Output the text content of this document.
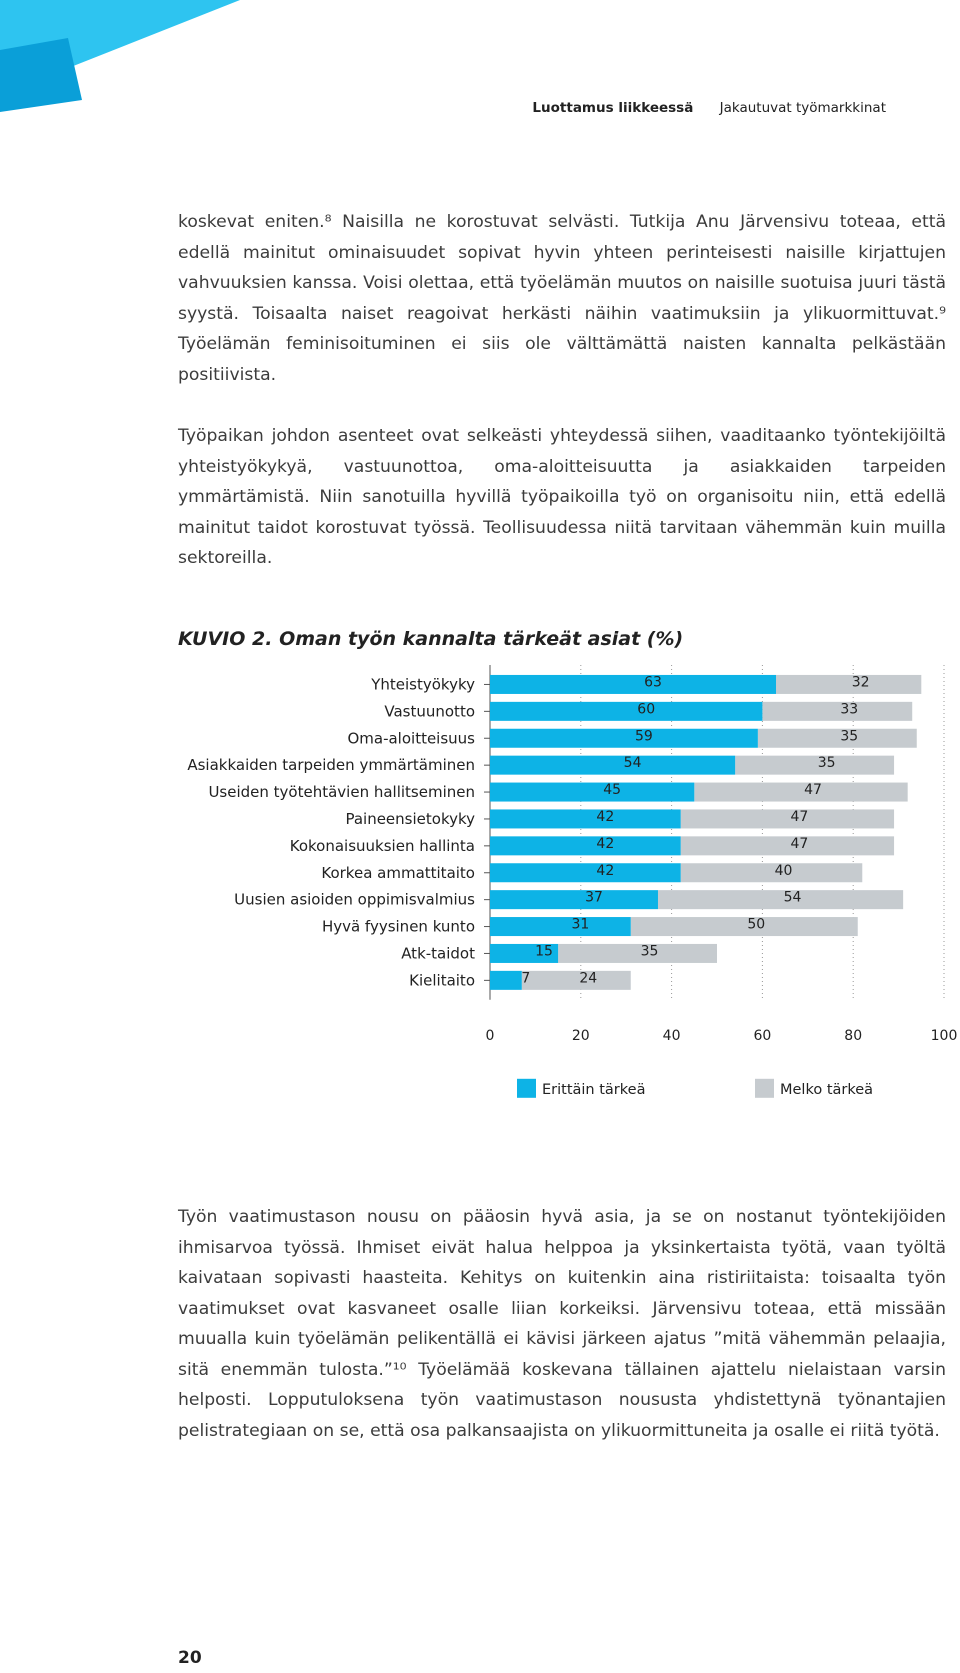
Luottamus liikkeessä Jakautuvat työmarkkinat

koskevat eniten.⁸ Naisilla ne korostuvat selvästi. Tutkija Anu Järvensivu toteaa, että edellä mainitut ominaisuudet sopivat hyvin yhteen perinteisesti naisille kirjattujen vahvuuksien kanssa. Voisi olettaa, että työelämän muutos on naisille suotuisa juuri tästä syystä. Toisaalta naiset reagoivat herkästi näihin vaatimuksiin ja ylikuormittuvat.⁹ Työelämän feminisoituminen ei siis ole välttämättä naisten kannalta pelkästään positiivista.

Työpaikan johdon asenteet ovat selkeästi yhteydessä siihen, vaaditaanko työntekijöiltä yhteistyökykyä, vastuunottoa, oma-aloitteisuutta ja asiakkaiden tarpeiden ymmärtämistä. Niin sanotuilla hyvillä työpaikoilla työ on organisoitu niin, että edellä mainitut taidot korostuvat työssä. Teollisuudessa niitä tarvitaan vähemmän kuin muilla sektoreilla.

KUVIO 2. Oman työn kannalta tärkeät asiat (%)
Yhteistyökyky	63	32
Vastuunotto	60	33
Oma-aloitteisuus	59	35
Asiakkaiden tarpeiden ymmärtäminen	54	35
Useiden työtehtävien hallitseminen	45	47
Paineensietokyky	42	47
Kokonaisuuksien hallinta	42	47
Korkea ammattitaito	42	40
Uusien asioiden oppimisvalmius	37	54
Hyvä fyysinen kunto	31	50
Atk-taidot	15	35
Kielitaito	7	24
0	20	40	60	80	100
Erittäin tärkeä	Melko tärkeä

Työn vaatimustason nousu on pääosin hyvä asia, ja se on nostanut työntekijöiden ihmisarvoa työssä. Ihmiset eivät halua helppoa ja yksinkertaista työtä, vaan työltä kaivataan sopivasti haasteita. Kehitys on kuitenkin aina ristiriitaista: toisaalta työn vaatimukset ovat kasvaneet osalle liian korkeiksi. Järvensivu toteaa, että missään muualla kuin työelämän pelikentällä ei kävisi järkeen ajatus ”mitä vähemmän pelaajia, sitä enemmän tulosta.”¹⁰ Työelämää koskevana tällainen ajattelu nielaistaan varsin helposti. Lopputuloksena työn vaatimustason noususta yhdistettynä työnantajien pelistrategiaan on se, että osa palkansaajista on ylikuormittuneita ja osalle ei riitä työtä.

20
